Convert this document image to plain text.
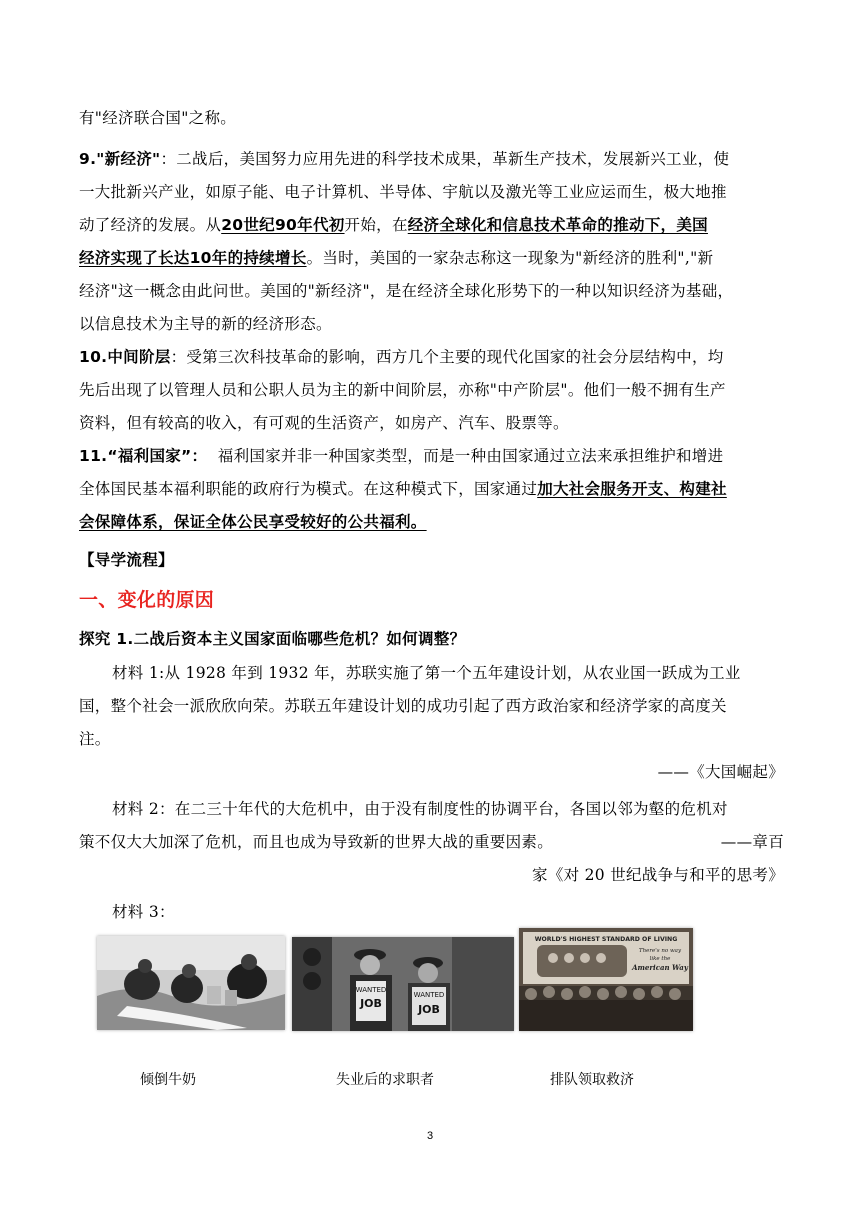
有"经济联合国"之称。
9."新经济"：二战后，美国努力应用先进的科学技术成果，革新生产技术，发展新兴工业，使
一大批新兴产业，如原子能、电子计算机、半导体、宇航以及激光等工业应运而生，极大地推
动了经济的发展。从20世纪90年代初开始，在经济全球化和信息技术革命的推动下，美国
经济实现了长达10年的持续增长。当时，美国的一家杂志称这一现象为"新经济的胜利","新
经济"这一概念由此问世。美国的"新经济"，是在经济全球化形势下的一种以知识经济为基础，
以信息技术为主导的新的经济形态。
10.中间阶层：受第三次科技革命的影响，西方几个主要的现代化国家的社会分层结构中，均
先后出现了以管理人员和公职人员为主的新中间阶层，亦称"中产阶层"。他们一般不拥有生产
资料，但有较高的收入，有可观的生活资产，如房产、汽车、股票等。
11.“福利国家”：  福利国家并非一种国家类型，而是一种由国家通过立法来承担维护和增进
全体国民基本福利职能的政府行为模式。在这种模式下，国家通过加大社会服务开支、构建社
会保障体系，保证全体公民享受较好的公共福利。
【导学流程】
一、变化的原因
探究 1.二战后资本主义国家面临哪些危机？如何调整？
材料 1:从 1928 年到 1932 年，苏联实施了第一个五年建设计划，从农业国一跃成为工业
国，整个社会一派欣欣向荣。苏联五年建设计划的成功引起了西方政治家和经济学家的高度关
注。
——《大国崛起》
材料 2：在二三十年代的大危机中，由于没有制度性的协调平台，各国以邻为壑的危机对
策不仅大大加深了危机，而且也成为导致新的世界大战的重要因素。	——章百
家《对 20 世纪战争与和平的思考》
材料 3：
WANTED
JOB
WANTED
JOB
WORLD'S HIGHEST STANDARD OF LIVING
There's no way
like the
American Way
倾倒牛奶	失业后的求职者	排队领取救济
3
